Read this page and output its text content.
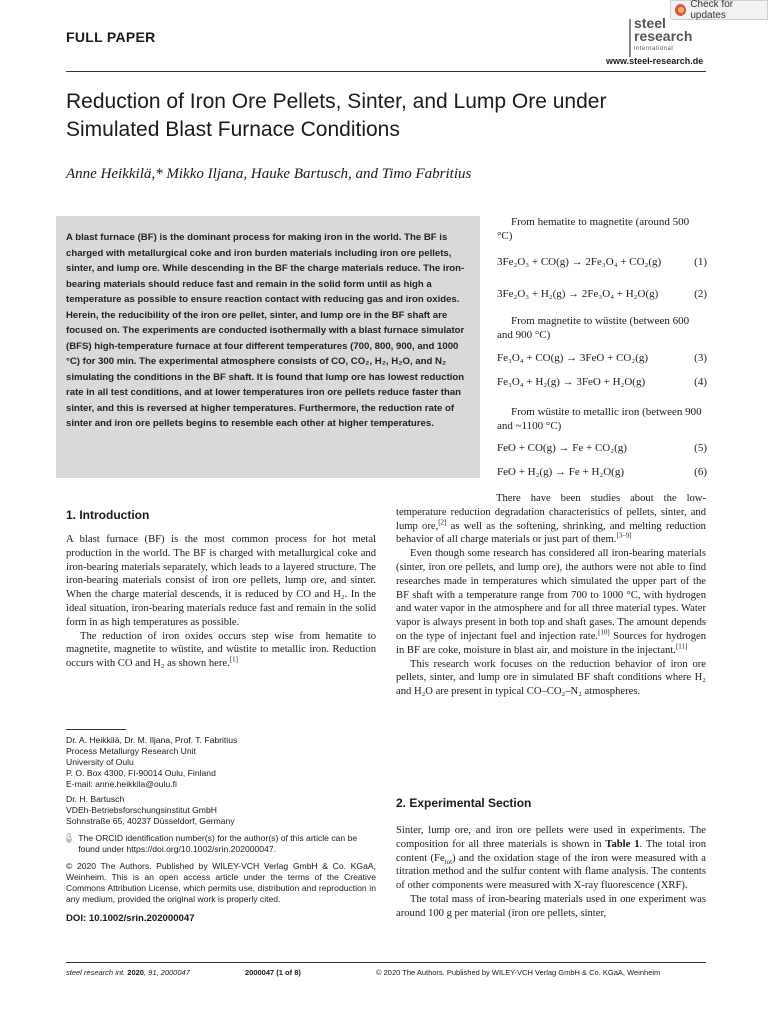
Check for updates
FULL PAPER
steel
research
international
www.steel-research.de
Reduction of Iron Ore Pellets, Sinter, and Lump Ore under
Simulated Blast Furnace Conditions
Anne Heikkilä,* Mikko Iljana, Hauke Bartusch, and Timo Fabritius
A blast furnace (BF) is the dominant process for making iron in the world. The BF is charged with metallurgical coke and iron burden materials including iron ore pellets, sinter, and lump ore. While descending in the BF the charge materials reduce. The iron-bearing materials should reduce fast and remain in the solid form until as high a temperature as possible to ensure reaction contact with reducing gas and iron oxides. Herein, the reducibility of the iron ore pellet, sinter, and lump ore in the BF shaft are focused on. The experiments are conducted isothermally with a blast furnace simulator (BFS) high-temperature furnace at four different temperatures (700, 800, 900, and 1000 °C) for 300 min. The experimental atmosphere consists of CO, CO₂, H₂, H₂O, and N₂ simulating the conditions in the BF shaft. It is found that lump ore has lowest reduction rate in all test conditions, and at lower temperatures iron ore pellets reduce faster than sinter, and this is reversed at higher temperatures. Furthermore, the reduction rate of sinter and iron ore pellets begins to resemble each other at higher temperatures.

From hematite to magnetite (around 500 °C)

3Fe₂O₃ + CO(g) → 2Fe₃O₄ + CO₂(g)	(1)
3Fe₂O₃ + H₂(g) → 2Fe₃O₄ + H₂O(g)	(2)

From magnetite to wüstite (between 600 and 900 °C)

Fe₃O₄ + CO(g) → 3FeO + CO₂(g)	(3)
Fe₃O₄ + H₂(g) → 3FeO + H₂O(g)	(4)

From wüstite to metallic iron (between 900 and ~1100 °C)

FeO + CO(g) → Fe + CO₂(g)	(5)
FeO + H₂(g) → Fe + H₂O(g)	(6)
1. Introduction

A blast furnace (BF) is the most common process for hot metal production in the world. The BF is charged with metallurgical coke and iron-bearing materials separately, which leads to a layered structure. The iron-bearing materials consist of iron ore pellets, lump ore, and sinter. When the charge material descends, it is reduced by CO and H₂. In the ideal situation, iron-bearing materials reduce fast and remain in the solid form in as high temperatures as possible.

The reduction of iron oxides occurs step wise from hematite to magnetite, magnetite to wüstite, and wüstite to metallic iron. Reduction occurs with CO and H₂ as shown here.[1]

There have been studies about the low-temperature reduction degradation characteristics of pellets, sinter, and lump ore,[2] as well as the softening, shrinking, and melting reduction behavior of all charge materials or just part of them.[3–9]

Even though some research has considered all iron-bearing materials (sinter, iron ore pellets, and lump ore), the authors were not able to find researches made in temperatures which simulated the upper part of the BF shaft with a temperature range from 700 to 1000 °C, with hydrogen and water vapor in the atmosphere and for all three material types. Water vapor is always present in both top and shaft gases. The amount depends on the type of injectant fuel and injection rate.[10] Sources for hydrogen in BF are coke, moisture in blast air, and moisture in the injectant.[11]

This research work focuses on the reduction behavior of iron ore pellets, sinter, and lump ore in simulated BF shaft conditions where H₂ and H₂O are present in typical CO–CO₂–N₂ atmospheres.

2. Experimental Section

Sinter, lump ore, and iron ore pellets were used in experiments. The composition for all three materials is shown in Table 1. The total iron content $(Fe_{tot})$ and the oxidation stage of the iron were measured with a titration method and the sulfur content with flame analysis. The contents of other components were measured with X-ray fluorescence (XRF).

The total mass of iron-bearing materials used in one experiment was around 100 g per material (iron ore pellets, sinter,

Dr. A. Heikkilä, Dr. M. Iljana, Prof. T. Fabritius
Process Metallurgy Research Unit
University of Oulu
P. O. Box 4300, FI-90014 Oulu, Finland
E-mail: anne.heikkila@oulu.fi
Dr. H. Bartusch
VDEh-Betriebsforschungsinstitut GmbH
Sohnstraße 65, 40237 Düsseldorf, Germany
iD The ORCID identification number(s) for the author(s) of this article can be found under https://doi.org/10.1002/srin.202000047.
© 2020 The Authors. Published by WILEY-VCH Verlag GmbH & Co. KGaA, Weinheim. This is an open access article under the terms of the Creative Commons Attribution License, which permits use, distribution and reproduction in any medium, provided the original work is properly cited.
DOI: 10.1002/srin.202000047
steel research int. 2020, 91, 2000047	2000047 (1 of 8)	© 2020 The Authors. Published by WILEY-VCH Verlag GmbH & Co. KGaA, Weinheim
